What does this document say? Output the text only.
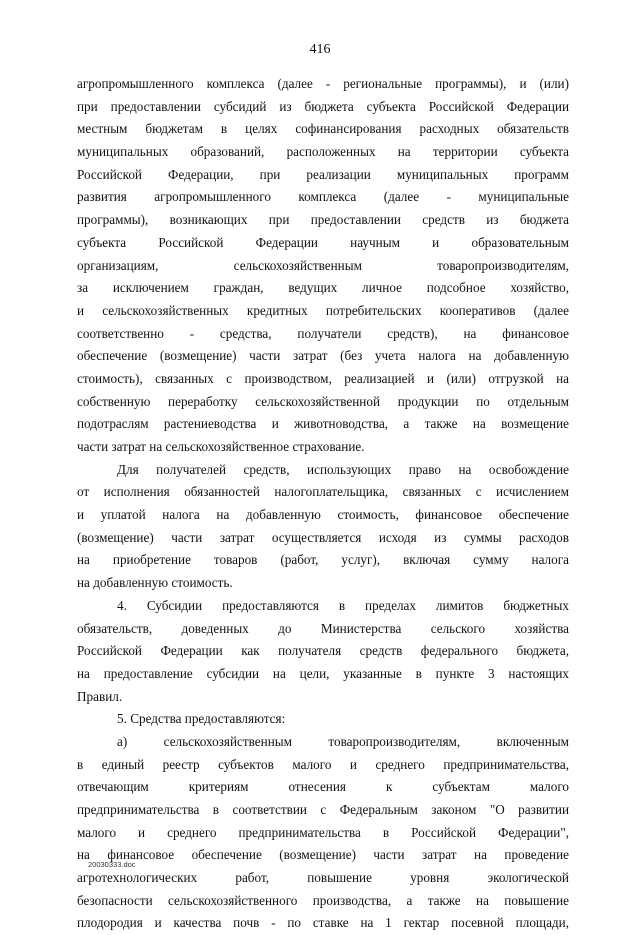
416
агропромышленного комплекса (далее - региональные программы), и (или)
при предоставлении субсидий из бюджета субъекта Российской Федерации
местным бюджетам в целях софинансирования расходных обязательств
муниципальных образований, расположенных на территории субъекта
Российской Федерации, при реализации муниципальных программ
развития агропромышленного комплекса (далее - муниципальные
программы), возникающих при предоставлении средств из бюджета
субъекта Российской Федерации научным и образовательным
организациям, сельскохозяйственным товаропроизводителям,
за исключением граждан, ведущих личное подсобное хозяйство,
и сельскохозяйственных кредитных потребительских кооперативов (далее
соответственно - средства, получатели средств), на финансовое
обеспечение (возмещение) части затрат (без учета налога на добавленную
стоимость), связанных с производством, реализацией и (или) отгрузкой на
собственную переработку сельскохозяйственной продукции по отдельным
подотраслям растениеводства и животноводства, а также на возмещение
части затрат на сельскохозяйственное страхование.
Для получателей средств, использующих право на освобождение
от исполнения обязанностей налогоплательщика, связанных с исчислением
и уплатой налога на добавленную стоимость, финансовое обеспечение
(возмещение) части затрат осуществляется исходя из суммы расходов
на приобретение товаров (работ, услуг), включая сумму налога
на добавленную стоимость.
4. Субсидии предоставляются в пределах лимитов бюджетных
обязательств, доведенных до Министерства сельского хозяйства
Российской Федерации как получателя средств федерального бюджета,
на предоставление субсидии на цели, указанные в пункте 3 настоящих
Правил.
5. Средства предоставляются:
а) сельскохозяйственным товаропроизводителям, включенным
в единый реестр субъектов малого и среднего предпринимательства,
отвечающим критериям отнесения к субъектам малого
предпринимательства в соответствии с Федеральным законом "О развитии
малого и среднего предпринимательства в Российской Федерации",
на финансовое обеспечение (возмещение) части затрат на проведение
агротехнологических работ, повышение уровня экологической
безопасности сельскохозяйственного производства, а также на повышение
плодородия и качества почв - по ставке на 1 гектар посевной площади,
20030333.doc
